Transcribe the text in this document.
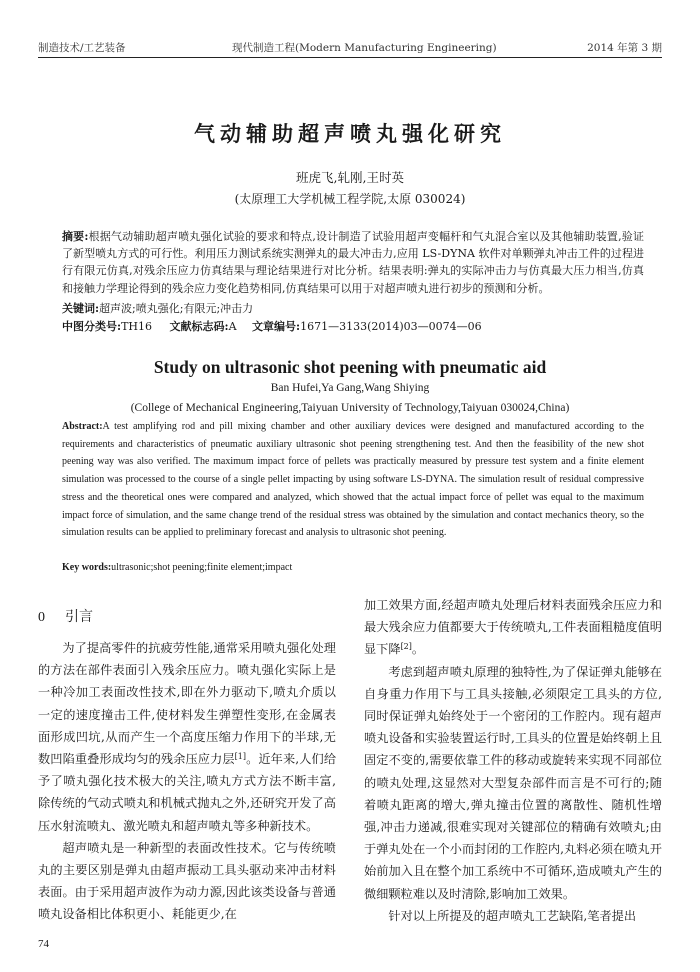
制造技术/工艺装备	现代制造工程(Modern Manufacturing Engineering)	2014 年第 3 期
气动辅助超声喷丸强化研究
班虎飞,轧刚,王时英
(太原理工大学机械工程学院,太原 030024)
摘要:根据气动辅助超声喷丸强化试验的要求和特点,设计制造了试验用超声变幅杆和气丸混合室以及其他辅助装置,验证了新型喷丸方式的可行性。利用压力测试系统实测弹丸的最大冲击力,应用 LS-DYNA 软件对单颗弹丸冲击工件的过程进行有限元仿真,对残余压应力仿真结果与理论结果进行对比分析。结果表明:弹丸的实际冲击力与仿真最大压力相当,仿真和接触力学理论得到的残余应力变化趋势相同,仿真结果可以用于对超声喷丸进行初步的预测和分析。
关键词:超声波;喷丸强化;有限元;冲击力
中图分类号:TH16 文献标志码:A 文章编号:1671—3133(2014)03—0074—06
Study on ultrasonic shot peening with pneumatic aid
Ban Hufei,Ya Gang,Wang Shiying
(College of Mechanical Engineering,Taiyuan University of Technology,Taiyuan 030024,China)
Abstract:A test amplifying rod and pill mixing chamber and other auxiliary devices were designed and manufactured according to the requirements and characteristics of pneumatic auxiliary ultrasonic shot peening strengthening test. And then the feasibility of the new shot peening way was also verified. The maximum impact force of pellets was practically measured by pressure test system and a finite element simulation was processed to the course of a single pellet impacting by using software LS-DYNA. The simulation result of residual compressive stress and the theoretical ones were compared and analyzed, which showed that the actual impact force of pellet was equal to the maximum impact force of simulation, and the same change trend of the residual stress was obtained by the simulation and contact mechanics theory, so the simulation results can be applied to preliminary forecast and analysis to ultrasonic shot peening.
Key words:ultrasonic;shot peening;finite element;impact
0 引言

为了提高零件的抗疲劳性能,通常采用喷丸强化处理的方法在部件表面引入残余压应力。喷丸强化实际上是一种冷加工表面改性技术,即在外力驱动下,喷丸介质以一定的速度撞击工件,使材料发生弹塑性变形,在金属表面形成凹坑,从而产生一个高度压缩力作用下的半球,无数凹陷重叠形成均匀的残余压应力层[1]。近年来,人们给予了喷丸强化技术极大的关注,喷丸方式方法不断丰富,除传统的气动式喷丸和机械式抛丸之外,还研究开发了高压水射流喷丸、激光喷丸和超声喷丸等多种新技术。

超声喷丸是一种新型的表面改性技术。它与传统喷丸的主要区别是弹丸由超声振动工具头驱动来冲击材料表面。由于采用超声波作为动力源,因此该类设备与普通喷丸设备相比体积更小、耗能更少,在

加工效果方面,经超声喷丸处理后材料表面残余压应力和最大残余应力值都要大于传统喷丸,工件表面粗糙度值明显下降[2]。

考虑到超声喷丸原理的独特性,为了保证弹丸能够在自身重力作用下与工具头接触,必须限定工具头的方位,同时保证弹丸始终处于一个密闭的工作腔内。现有超声喷丸设备和实验装置运行时,工具头的位置是始终朝上且固定不变的,需要依靠工件的移动或旋转来实现不同部位的喷丸处理,这显然对大型复杂部件而言是不可行的;随着喷丸距离的增大,弹丸撞击位置的离散性、随机性增强,冲击力递减,很难实现对关键部位的精确有效喷丸;由于弹丸处在一个小而封闭的工作腔内,丸料必须在喷丸开始前加入且在整个加工系统中不可循环,造成喷丸产生的微细颗粒难以及时清除,影响加工效果。

针对以上所提及的超声喷丸工艺缺陷,笔者提出

74
